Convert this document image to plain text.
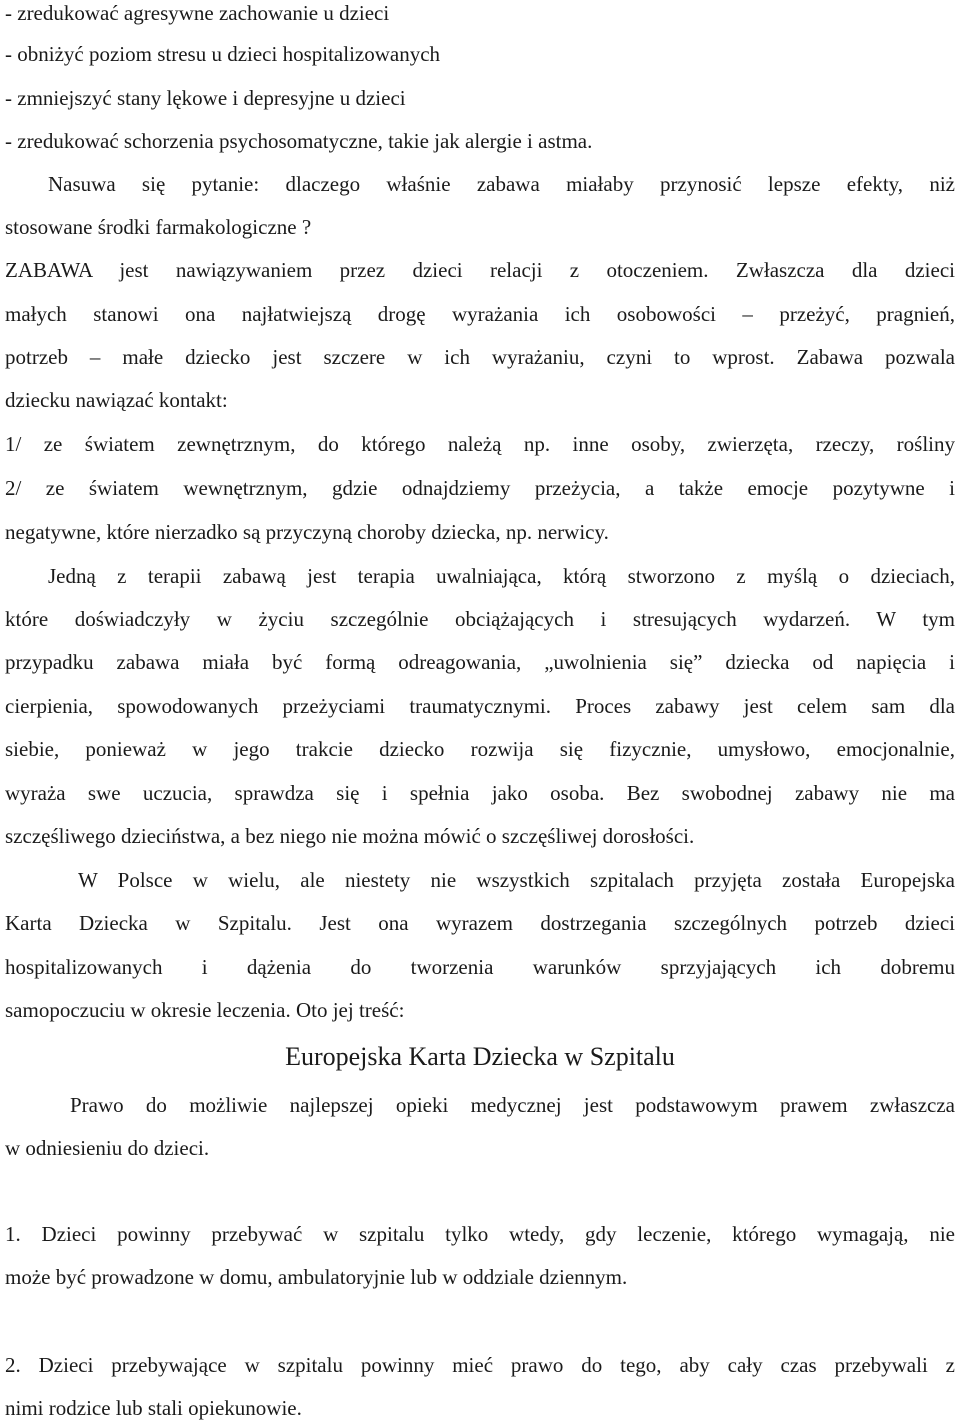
- zredukować agresywne zachowanie u dzieci
- obniżyć poziom stresu u dzieci hospitalizowanych
- zmniejszyć stany lękowe i depresyjne u dzieci
- zredukować schorzenia psychosomatyczne, takie jak alergie i astma.
Nasuwa się pytanie: dlaczego właśnie zabawa miałaby przynosić lepsze efekty, niż
stosowane środki farmakologiczne ?
ZABAWA jest nawiązywaniem przez dzieci relacji z otoczeniem. Zwłaszcza dla dzieci
małych stanowi ona najłatwiejszą drogę wyrażania ich osobowości – przeżyć, pragnień,
potrzeb – małe dziecko jest szczere w ich wyrażaniu, czyni to wprost. Zabawa pozwala
dziecku nawiązać kontakt:
1/ ze światem zewnętrznym, do którego należą np. inne osoby, zwierzęta, rzeczy, rośliny
2/ ze światem wewnętrznym, gdzie odnajdziemy przeżycia, a także emocje pozytywne i
negatywne, które nierzadko są przyczyną choroby dziecka, np. nerwicy.
Jedną z terapii zabawą jest terapia uwalniająca, którą stworzono z myślą o dzieciach,
które doświadczyły w życiu szczególnie obciążających i stresujących wydarzeń. W tym
przypadku zabawa miała być formą odreagowania, „uwolnienia się” dziecka od napięcia i
cierpienia, spowodowanych przeżyciami traumatycznymi. Proces zabawy jest celem sam dla
siebie, ponieważ w jego trakcie dziecko rozwija się fizycznie, umysłowo, emocjonalnie,
wyraża swe uczucia, sprawdza się i spełnia jako osoba. Bez swobodnej zabawy nie ma
szczęśliwego dzieciństwa, a bez niego nie można mówić o szczęśliwej dorosłości.
W Polsce w wielu, ale niestety nie wszystkich szpitalach przyjęta została Europejska
Karta Dziecka w Szpitalu. Jest ona wyrazem dostrzegania szczególnych potrzeb dzieci
hospitalizowanych i dążenia do tworzenia warunków sprzyjających ich dobremu
samopoczuciu w okresie leczenia. Oto jej treść:
Europejska Karta Dziecka w Szpitalu
Prawo do możliwie najlepszej opieki medycznej jest podstawowym prawem zwłaszcza
w odniesieniu do dzieci.
1. Dzieci powinny przebywać w szpitalu tylko wtedy, gdy leczenie, którego wymagają, nie
może być prowadzone w domu, ambulatoryjnie lub w oddziale dziennym.
2. Dzieci przebywające w szpitalu powinny mieć prawo do tego, aby cały czas przebywali z
nimi rodzice lub stali opiekunowie.
